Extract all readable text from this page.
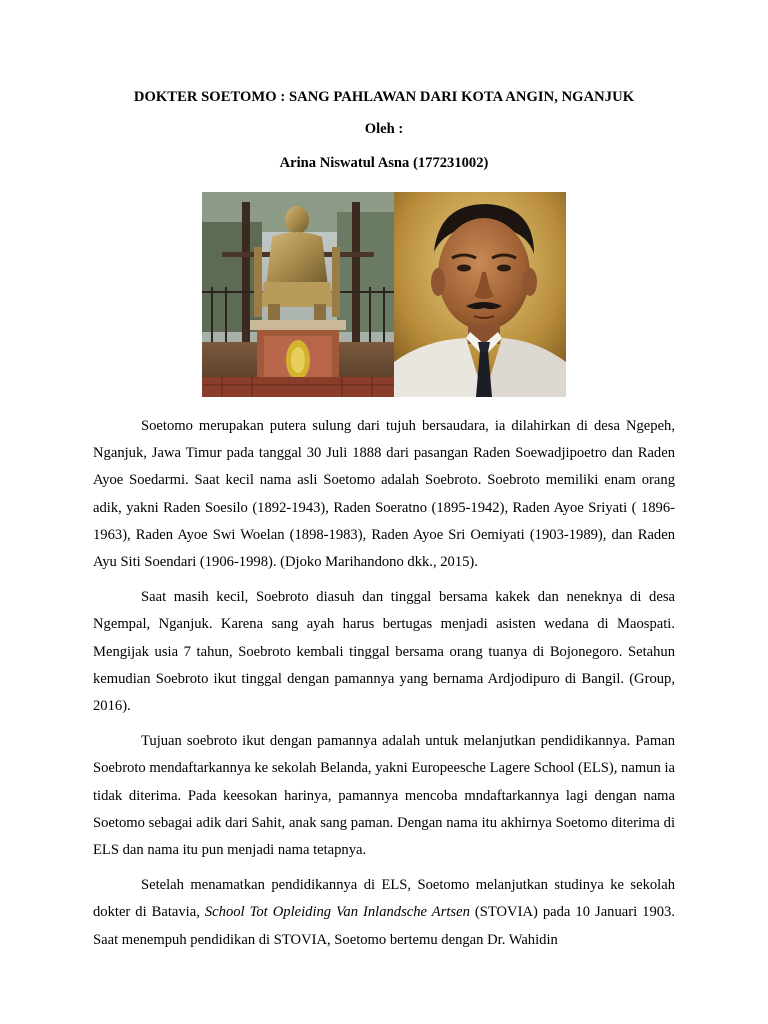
DOKTER SOETOMO : SANG PAHLAWAN DARI KOTA ANGIN, NGANJUK
Oleh :
Arina Niswatul Asna (177231002)

Soetomo merupakan putera sulung dari tujuh bersaudara, ia dilahirkan di desa Ngepeh, Nganjuk, Jawa Timur pada tanggal 30 Juli 1888 dari pasangan Raden Soewadjipoetro dan Raden Ayoe Soedarmi. Saat kecil nama asli Soetomo adalah Soebroto. Soebroto memiliki enam orang adik, yakni Raden Soesilo (1892-1943), Raden Soeratno (1895-1942), Raden Ayoe Sriyati ( 1896-1963), Raden Ayoe Swi Woelan (1898-1983), Raden Ayoe Sri Oemiyati (1903-1989), dan Raden Ayu Siti Soendari (1906-1998). (Djoko Marihandono dkk., 2015).

Saat masih kecil, Soebroto diasuh dan tinggal bersama kakek dan neneknya di desa Ngempal, Nganjuk. Karena sang ayah harus bertugas menjadi asisten wedana di Maospati. Mengijak usia 7 tahun, Soebroto kembali tinggal bersama orang tuanya di Bojonegoro. Setahun kemudian Soebroto ikut tinggal dengan pamannya yang bernama Ardjodipuro di Bangil. (Group, 2016).

Tujuan soebroto ikut dengan pamannya adalah untuk melanjutkan pendidikannya. Paman Soebroto mendaftarkannya ke sekolah Belanda, yakni Europeesche Lagere School (ELS), namun ia tidak diterima. Pada keesokan harinya, pamannya mencoba mndaftarkannya lagi dengan nama Soetomo sebagai adik dari Sahit, anak sang paman. Dengan nama itu akhirnya Soetomo diterima di ELS dan nama itu pun menjadi nama tetapnya.

Setelah menamatkan pendidikannya di ELS, Soetomo melanjutkan studinya ke sekolah dokter di Batavia, School Tot Opleiding Van Inlandsche Artsen (STOVIA) pada 10 Januari 1903. Saat menempuh pendidikan di STOVIA, Soetomo bertemu dengan Dr. Wahidin
